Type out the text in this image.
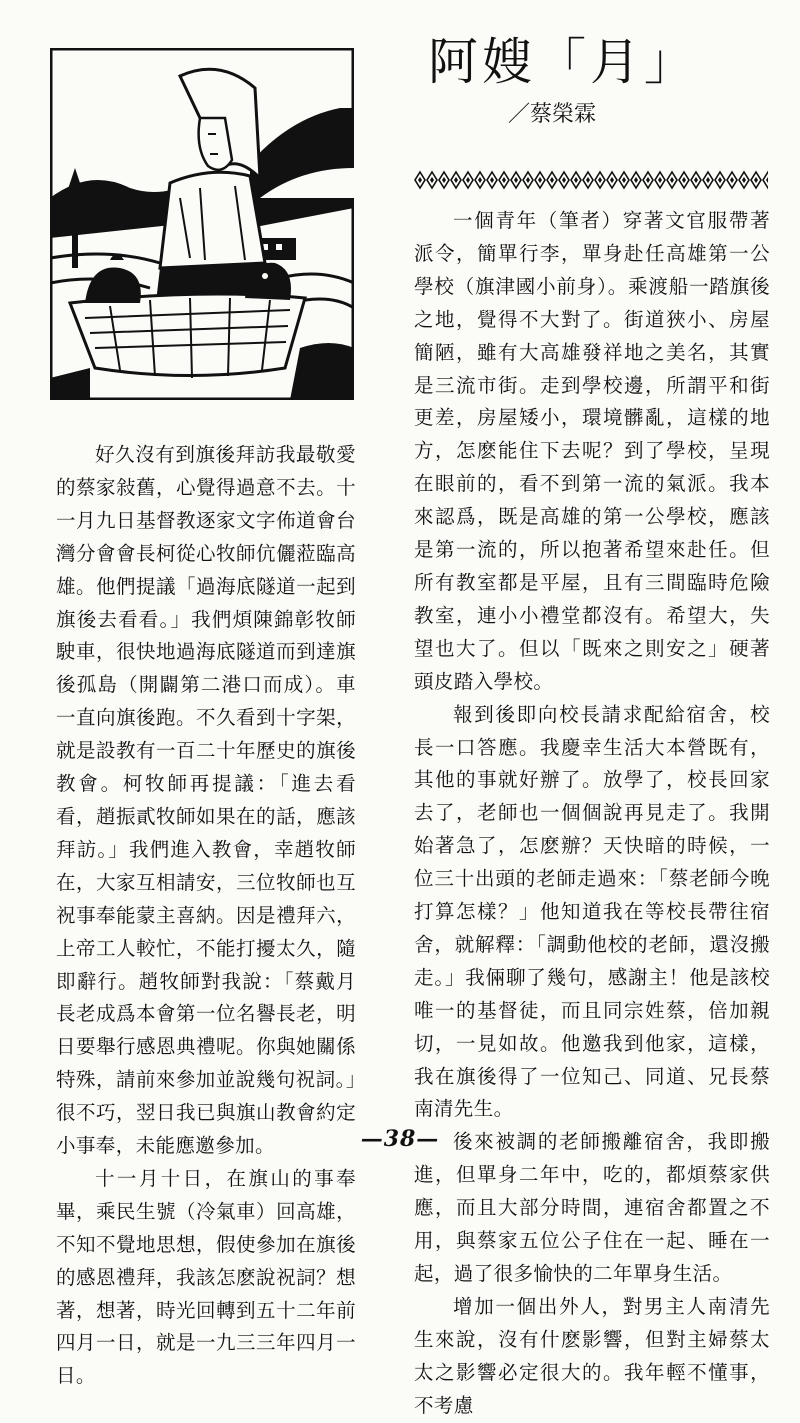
阿嫂「月」
／蔡榮霖

好久沒有到旗後拜訪我最敬愛的蔡家敍舊，心覺得過意不去。十一月九日基督教逐家文字佈道會台灣分會會長柯從心牧師伉儷蒞臨高雄。他們提議「過海底隧道一起到旗後去看看。」我們煩陳錦彰牧師駛車，很快地過海底隧道而到達旗後孤島（開闢第二港口而成）。車一直向旗後跑。不久看到十字架，就是設教有一百二十年歷史的旗後教會。柯牧師再提議：「進去看看，趙振貳牧師如果在的話，應該拜訪。」我們進入教會，幸趙牧師在，大家互相請安，三位牧師也互祝事奉能蒙主喜納。因是禮拜六，上帝工人較忙，不能打擾太久，隨即辭行。趙牧師對我說：「蔡戴月長老成爲本會第一位名譽長老，明日要舉行感恩典禮呢。你與她關係特殊，請前來參加並說幾句祝詞。」很不巧，翌日我已與旗山教會約定小事奉，未能應邀參加。

十一月十日，在旗山的事奉畢，乘民生號（冷氣車）回高雄，不知不覺地思想，假使參加在旗後的感恩禮拜，我該怎麽說祝詞？想著，想著，時光回轉到五十二年前四月一日，就是一九三三年四月一日。

一個青年（筆者）穿著文官服帶著派令，簡單行李，單身赴任高雄第一公學校（旗津國小前身）。乘渡船一踏旗後之地，覺得不大對了。街道狹小、房屋簡陋，雖有大高雄發祥地之美名，其實是三流市街。走到學校邊，所謂平和街更差，房屋矮小，環境髒亂，這樣的地方，怎麽能住下去呢？到了學校，呈現在眼前的，看不到第一流的氣派。我本來認爲，既是高雄的第一公學校，應該是第一流的，所以抱著希望來赴任。但所有教室都是平屋，且有三間臨時危險教室，連小小禮堂都沒有。希望大，失望也大了。但以「既來之則安之」硬著頭皮踏入學校。

報到後即向校長請求配給宿舍，校長一口答應。我慶幸生活大本營既有，其他的事就好辦了。放學了，校長回家去了，老師也一個個說再見走了。我開始著急了，怎麽辦？天快暗的時候，一位三十出頭的老師走過來：「蔡老師今晚打算怎樣？」他知道我在等校長帶往宿舍，就解釋：「調動他校的老師，還沒搬走。」我倆聊了幾句，感謝主！他是該校唯一的基督徒，而且同宗姓蔡，倍加親切，一見如故。他邀我到他家，這樣，我在旗後得了一位知己、同道、兄長蔡南清先生。

後來被調的老師搬離宿舍，我即搬進，但單身二年中，吃的，都煩蔡家供應，而且大部分時間，連宿舍都置之不用，與蔡家五位公子住在一起、睡在一起，過了很多愉快的二年單身生活。

增加一個出外人，對男主人南清先生來說，沒有什麽影響，但對主婦蔡太太之影響必定很大的。我年輕不懂事，不考慮

—38—
